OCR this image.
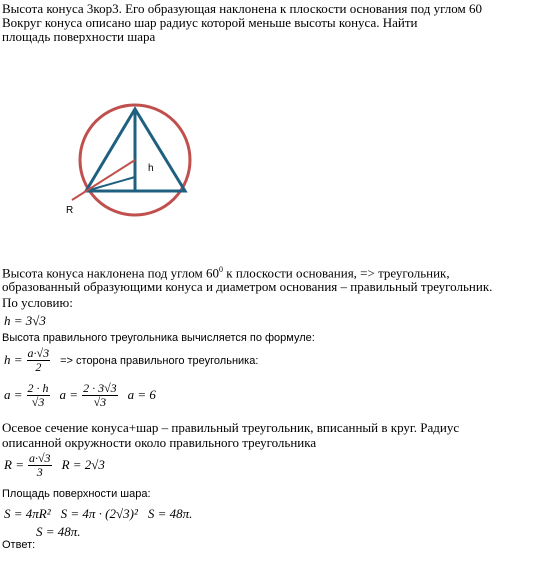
Высота конуса 3кор3. Его образующая наклонена к плоскости основания под углом 60
Вокруг конуса описано шар радиус которой меньше высоты конуса. Найти
площадь поверхности шара
h
R
Высота конуса наклонена под углом $60^0$ к плоскости основания, => треугольник,
образованный образующими конуса и диаметром основания – правильный треугольник.
По условию:
h = 3√3
Высота правильного треугольника вычисляется по формуле:
$h = \frac{a\cdot√3}{2}$ => сторона правильного треугольника:
$a = \frac{2 \cdot h}{√3}$ $a = \frac{2 \cdot 3√3}{√3}$ a = 6
Осевое сечение конуса+шар – правильный треугольник, вписанный в круг. Радиус
описанной окружности около правильного треугольника
$R = \frac{a\cdot√3}{3}$ R = 2√3
Площадь поверхности шара:
S = 4πR² S = 4π · (2√3)² S = 48π.
S = 48π.
Ответ:
